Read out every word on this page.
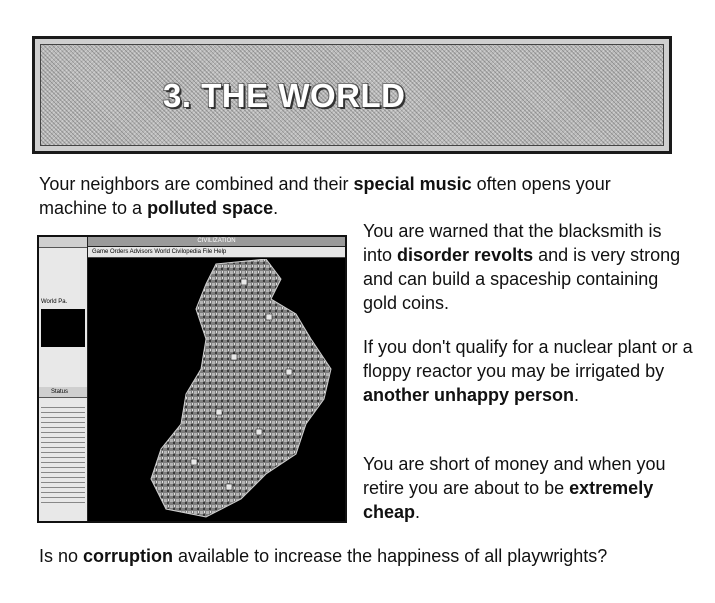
3. THE WORLD

Your neighbors are combined and their special music often opens your machine to a polluted space.

World Pa.
Status
CIVILIZATION
Game Orders Advisors World Civilopedia File Help

You are warned that the blacksmith is into disorder revolts and is very strong and can build a spaceship containing gold coins.

If you don't qualify for a nuclear plant or a floppy reactor you may be irrigated by another unhappy person.

You are short of money and when you retire you are about to be extremely cheap.

Is no corruption available to increase the happiness of all playwrights?
